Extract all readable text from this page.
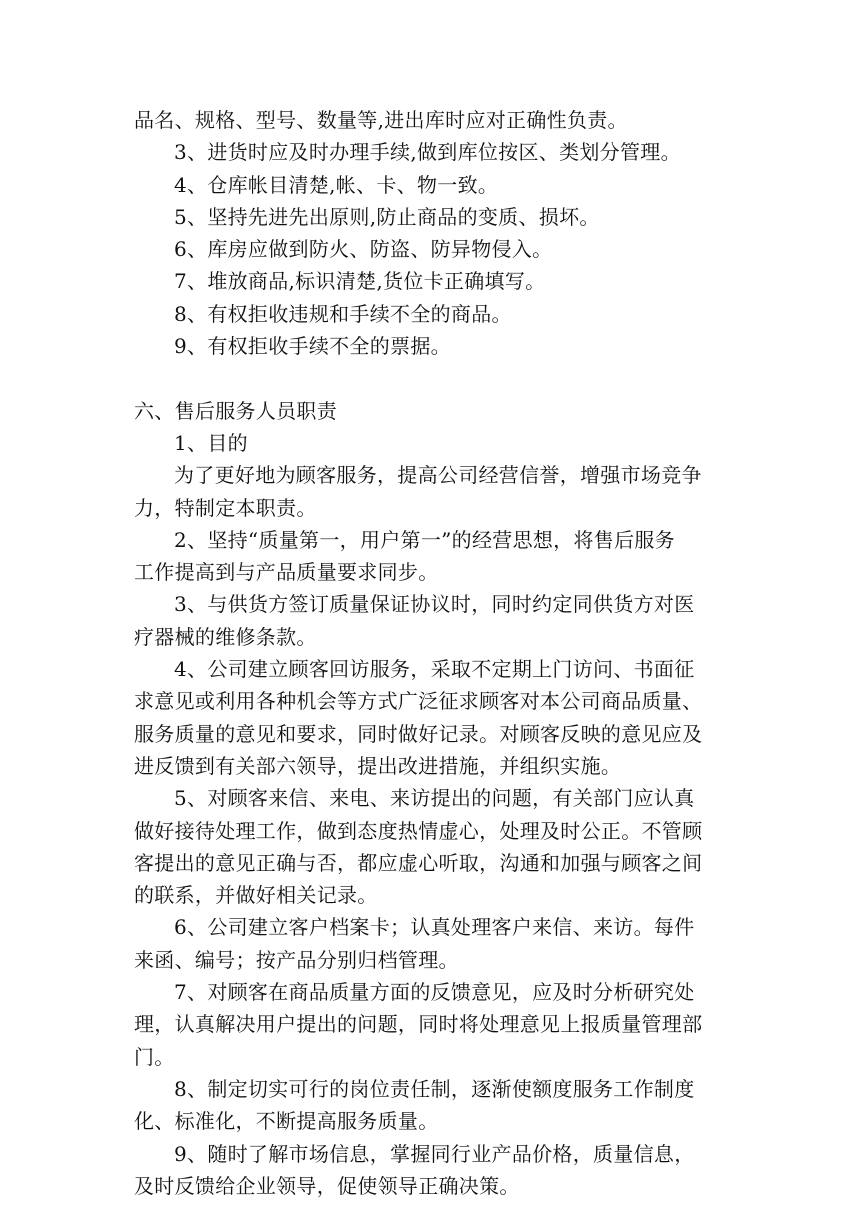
品名、规格、型号、数量等,进出库时应对正确性负责。
3、进货时应及时办理手续,做到库位按区、类划分管理。
4、仓库帐目清楚,帐、卡、物一致。
5、坚持先进先出原则,防止商品的变质、损坏。
6、库房应做到防火、防盗、防异物侵入。
7、堆放商品,标识清楚,货位卡正确填写。
8、有权拒收违规和手续不全的商品。
9、有权拒收手续不全的票据。
六、售后服务人员职责
1、目的
为了更好地为顾客服务，提高公司经营信誉，增强市场竞争
力，特制定本职责。
2、坚持“质量第一，用户第一”的经营思想，将售后服务
工作提高到与产品质量要求同步。
3、与供货方签订质量保证协议时，同时约定同供货方对医
疗器械的维修条款。
4、公司建立顾客回访服务，采取不定期上门访问、书面征
求意见或利用各种机会等方式广泛征求顾客对本公司商品质量、
服务质量的意见和要求，同时做好记录。对顾客反映的意见应及
进反馈到有关部六领导，提出改进措施，并组织实施。
5、对顾客来信、来电、来访提出的问题，有关部门应认真
做好接待处理工作，做到态度热情虚心，处理及时公正。不管顾
客提出的意见正确与否，都应虚心听取，沟通和加强与顾客之间
的联系，并做好相关记录。
6、公司建立客户档案卡；认真处理客户来信、来访。每件
来函、编号；按产品分别归档管理。
7、对顾客在商品质量方面的反馈意见，应及时分析研究处
理，认真解决用户提出的问题，同时将处理意见上报质量管理部
门。
8、制定切实可行的岗位责任制，逐渐使额度服务工作制度
化、标准化，不断提高服务质量。
9、随时了解市场信息，掌握同行业产品价格，质量信息，
及时反馈给企业领导，促使领导正确决策。
